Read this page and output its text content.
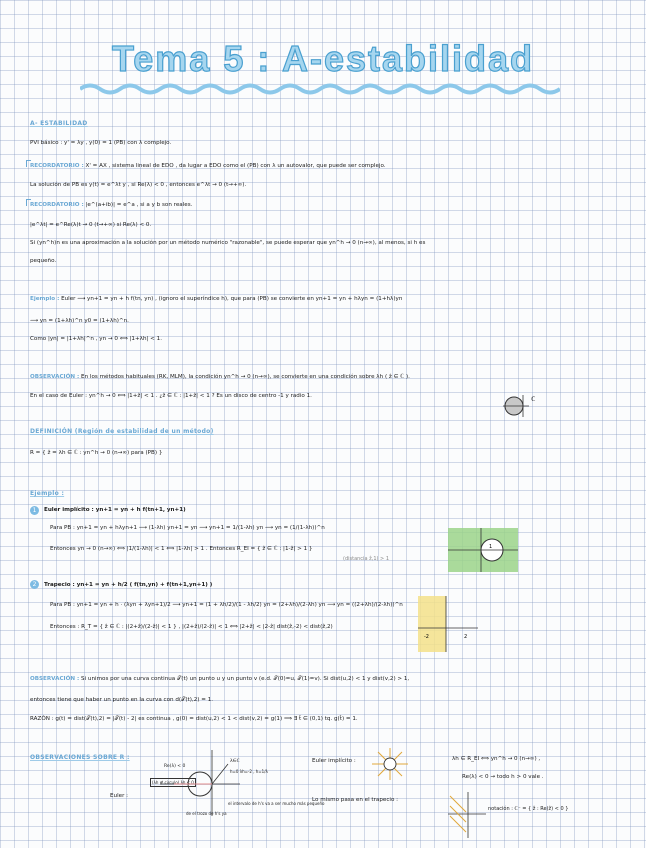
Tema 5 : A-estabilidad
A- ESTABILIDAD
PVI básico : y' = λy , y(0) = 1 (PB) con λ complejo.
RECORDATORIO : X' = AX , sistema lineal de EDO , da lugar a EDO como el (PB) con λ un autovalor, que puede ser complejo.
La solución de PB es y(t) = e^λt y , si Re(λ) < 0 , entonces e^λt → 0 (t→+∞).
RECORDATORIO : |e^(a+ib)| = e^a , si a y b son reales.
|e^λt| = e^Re(λ)t → 0 (t→+∞) si Re(λ) < 0.
Si (yn^h)n es una aproximación a la solución por un método numérico "razonable", se puede esperar que yn^h → 0 (n→∞), al menos, si h es
pequeño.
Ejemplo : Euler ⟿ yn+1 = yn + h f(tn, yn) , (ignoro el superíndice h), que para (PB) se convierte en yn+1 = yn + hλyn = (1+hλ)yn
⟿ yn = (1+λh)^n y0 = (1+λh)^n.
Como |yn| = |1+λh|^n , yn → 0 ⟺ |1+λh| < 1.
OBSERVACIÓN : En los métodos habituales (RK, MLM), la condición yn^h → 0 (n→∞), se convierte en una condición sobre λh ( ẑ ∈ ℂ ).
En el caso de Euler : yn^h → 0 ⟺ |1+ẑ| < 1 . ¿ẑ ∈ ℂ : |1+ẑ| < 1 ? Es un disco de centro -1 y radio 1.	ℂ
DEFINICIÓN (Región de estabilidad de un método)
R = { ẑ = λh ∈ ℂ : yn^h → 0 (n→∞) para (PB) }
Ejemplo :
1	Euler implícito : yn+1 = yn + h f(tn+1, yn+1)
Para PB : yn+1 = yn + hλyn+1 ⟿ (1-λh) yn+1 = yn ⟿ yn+1 = 1/(1-λh) yn ⟿ yn = (1/(1-λh))^n
Entonces yn → 0 (n→∞) ⟺ |1/(1-λh)| < 1 ⟺ |1-λh| > 1 . Entonces R_EI = { ẑ ∈ ℂ : |1-ẑ| > 1 }
(distancia ẑ,1) > 1
1
2	Trapecio : yn+1 = yn + h/2 ( f(tn,yn) + f(tn+1,yn+1) )
Para PB : yn+1 = yn + h · (λyn + λyn+1)/2 ⟿ yn+1 = (1 + λh/2)/(1 - λh/2) yn = (2+λh)/(2-λh) yn ⟿ yn = ((2+λh)/(2-λh))^n
Entonces : R_T = { ẑ ∈ ℂ : |(2+ẑ)/(2-ẑ)| < 1 } , |(2+ẑ)/(2-ẑ)| < 1 ⟺ |2+ẑ| < |2-ẑ| dist(ẑ,-2) < dist(ẑ,2)
-2	2
OBSERVACIÓN : Si unimos por una curva continua 𝒯(t) un punto u y un punto v (e.d. 𝒯(0)=u, 𝒯(1)=v). Si dist(u,2) < 1 y dist(v,2) > 1,
entonces tiene que haber un punto en la curva con d(𝒯(t),2) = 1.
RAZÓN : g(t) = dist(𝒯(t),2) = |𝒯(t) - 2| es continua , g(0) = dist(u,2) < 1 < dist(v,2) = g(1) ⟹ ∃ t̂ ∈ (0,1) tq. g(t̂) = 1.
OBSERVACIONES SOBRE R :
Euler :
Re(λ) < 0
(λh ∉ circulo) λh < 0
λ∈ℂ
h=0 λh=-2 , h=1/λ
el intervalo de h's va a ser mucho más pequeño
de el trozo de h's ya
Euler implícito :	λh ∈ R_EI ⟺ yn^h → 0 (n→∞) ,
Re(λ) < 0 → todo h > 0 vale .
Lo mismo pasa en el trapecio :
notación : ℂ⁻ = { ẑ : Re(ẑ) < 0 }
